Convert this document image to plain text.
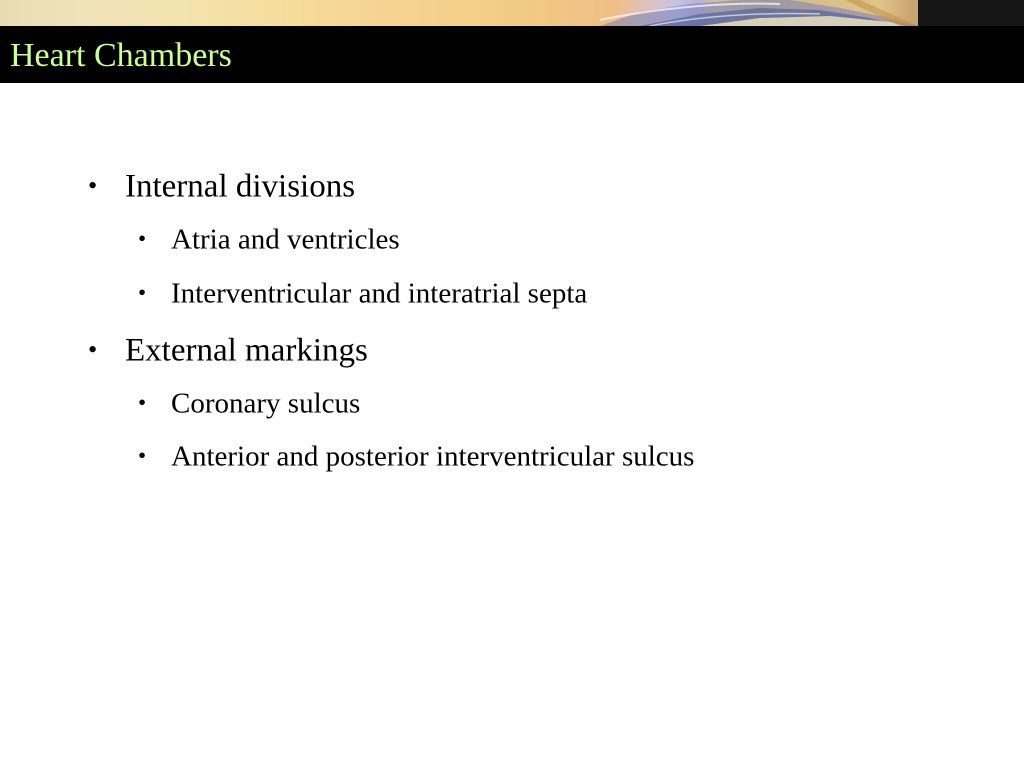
Heart Chambers
• Internal divisions
• Atria and ventricles
• Interventricular and interatrial septa
• External markings
• Coronary sulcus
• Anterior and posterior interventricular sulcus
